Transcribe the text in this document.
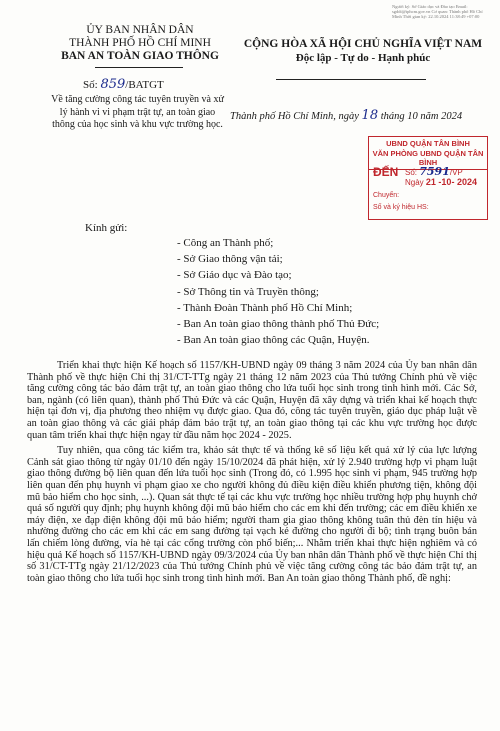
Người ký: Sở Giáo dục và Đào tạo Email: sgddt@tphcm.gov.vn Cơ quan: Thành phố Hồ Chí Minh Thời gian ký: 22.10.2024 11:38:49 +07:00
ỦY BAN NHÂN DÂN
THÀNH PHỐ HỒ CHÍ MINH
BAN AN TOÀN GIAO THÔNG
Số: 859/BATGT
Về tăng cường công tác tuyên truyền và xử lý hành vi vi phạm trật tự, an toàn giao thông của học sinh và khu vực trường học.
CỘNG HÒA XÃ HỘI CHỦ NGHĨA VIỆT NAM
Độc lập - Tự do - Hạnh phúc
Thành phố Hồ Chí Minh, ngày 18 tháng 10 năm 2024
UBND QUẬN TÂN BÌNH
VĂN PHÒNG UBND QUẬN TÂN BÌNH
ĐẾN Số: 7591/VP
Ngày 21 -10- 2024
Chuyển:
Số và ký hiệu HS:
Kính gửi:
- Công an Thành phố;
- Sở Giao thông vận tải;
- Sở Giáo dục và Đào tạo;
- Sở Thông tin và Truyền thông;
- Thành Đoàn Thành phố Hồ Chí Minh;
- Ban An toàn giao thông thành phố Thủ Đức;
- Ban An toàn giao thông các Quận, Huyện.

Triển khai thực hiện Kế hoạch số 1157/KH-UBND ngày 09 tháng 3 năm 2024 của Ủy ban nhân dân Thành phố về thực hiện Chỉ thị 31/CT-TTg ngày 21 tháng 12 năm 2023 của Thủ tướng Chính phủ về việc tăng cường công tác bảo đảm trật tự, an toàn giao thông cho lứa tuổi học sinh trong tình hình mới. Các Sở, ban, ngành (có liên quan), thành phố Thủ Đức và các Quận, Huyện đã xây dựng và triển khai kế hoạch thực hiện tại đơn vị, địa phương theo nhiệm vụ được giao. Qua đó, công tác tuyên truyền, giáo dục pháp luật về an toàn giao thông và các giải pháp đảm bảo trật tự, an toàn giao thông tại các khu vực trường học được quan tâm triển khai thực hiện ngay từ đầu năm học 2024 - 2025.

Tuy nhiên, qua công tác kiểm tra, khảo sát thực tế và thống kê số liệu kết quả xử lý của lực lượng Cảnh sát giao thông từ ngày 01/10 đến ngày 15/10/2024 đã phát hiện, xử lý 2.940 trường hợp vi phạm luật giao thông đường bộ liên quan đến lứa tuổi học sinh (Trong đó, có 1.995 học sinh vi phạm, 945 trường hợp liên quan đến phụ huynh vi phạm giao xe cho người không đủ điều kiện điều khiển phương tiện, không đội mũ bảo hiểm cho học sinh, ...). Quan sát thực tế tại các khu vực trường học nhiều trường hợp phụ huynh chở quá số người quy định; phụ huynh không đội mũ bảo hiểm cho các em khi đến trường; các em điều khiển xe máy điện, xe đạp điện không đội mũ bảo hiểm; người tham gia giao thông không tuân thủ đèn tín hiệu và nhường đường cho các em khi các em sang đường tại vạch kẻ đường cho người đi bộ; tình trạng buôn bán lấn chiếm lòng đường, vỉa hè tại các cổng trường còn phổ biến;... Nhằm triển khai thực hiện nghiêm và có hiệu quả Kế hoạch số 1157/KH-UBND ngày 09/3/2024 của Ủy ban nhân dân Thành phố về thực hiện Chỉ thị số 31/CT-TTg ngày 21/12/2023 của Thủ tướng Chính phủ về việc tăng cường công tác bảo đảm trật tự, an toàn giao thông cho lứa tuổi học sinh trong tình hình mới. Ban An toàn giao thông Thành phố, đề nghị:
